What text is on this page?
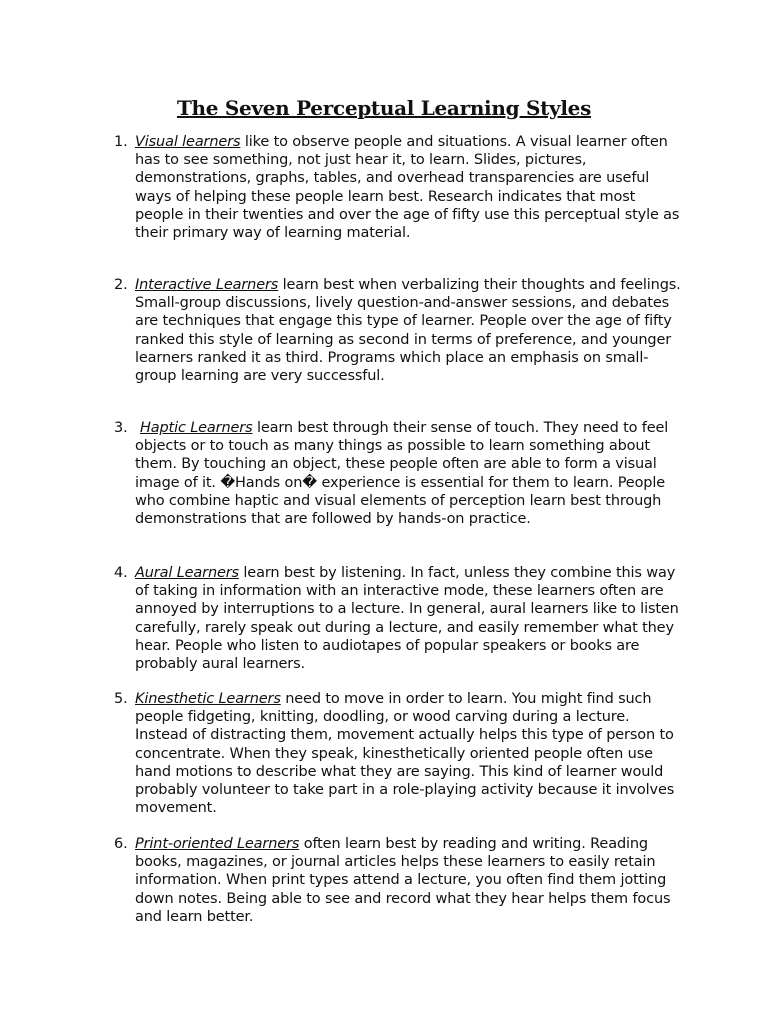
The Seven Perceptual Learning Styles
1. Visual learners like to observe people and situations. A visual learner often has to see something, not just hear it, to learn. Slides, pictures, demonstrations, graphs, tables, and overhead transparencies are useful ways of helping these people learn best. Research indicates that most people in their twenties and over the age of fifty use this perceptual style as their primary way of learning material.
2. Interactive Learners learn best when verbalizing their thoughts and feelings. Small-group discussions, lively question-and-answer sessions, and debates are techniques that engage this type of learner. People over the age of fifty ranked this style of learning as second in terms of preference, and younger learners ranked it as third. Programs which place an emphasis on small-group learning are very successful.
3. Haptic Learners learn best through their sense of touch. They need to feel objects or to touch as many things as possible to learn something about them. By touching an object, these people often are able to form a visual image of it. �Hands on� experience is essential for them to learn. People who combine haptic and visual elements of perception learn best through demonstrations that are followed by hands-on practice.
4. Aural Learners learn best by listening. In fact, unless they combine this way of taking in information with an interactive mode, these learners often are annoyed by interruptions to a lecture. In general, aural learners like to listen carefully, rarely speak out during a lecture, and easily remember what they hear. People who listen to audiotapes of popular speakers or books are probably aural learners.
5. Kinesthetic Learners need to move in order to learn. You might find such people fidgeting, knitting, doodling, or wood carving during a lecture. Instead of distracting them, movement actually helps this type of person to concentrate. When they speak, kinesthetically oriented people often use hand motions to describe what they are saying. This kind of learner would probably volunteer to take part in a role-playing activity because it involves movement.
6. Print-oriented Learners often learn best by reading and writing. Reading books, magazines, or journal articles helps these learners to easily retain information. When print types attend a lecture, you often find them jotting down notes. Being able to see and record what they hear helps them focus and learn better.
